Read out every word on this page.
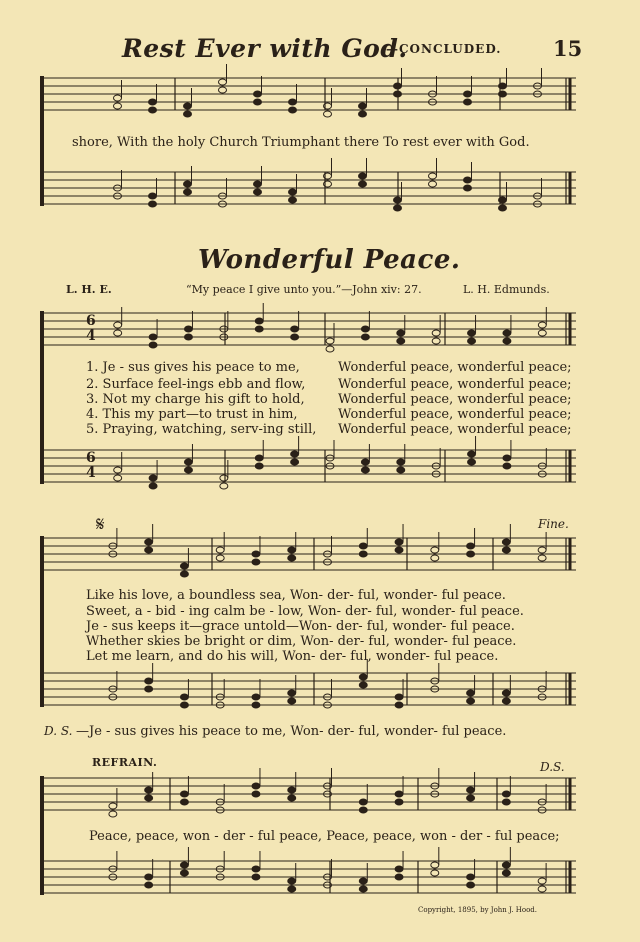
Rest Ever with God.
—CONCLUDED. 15
shore, With the holy Church Triumphant there To rest ever with God.
Wonderful Peace.
L. H. E.	“My peace I give unto you.”—John xiv: 27.	L. H. Edmunds.
1. Je - sus gives his peace to me,	Wonderful peace, wonderful peace;
2. Surface feel-ings ebb and flow,	Wonderful peace, wonderful peace;
3. Not my charge his gift to hold,	Wonderful peace, wonderful peace;
4. This my part—to trust in him,	Wonderful peace, wonderful peace;
5. Praying, watching, serv-ing still, Wonderful peace, wonderful peace;
𝄋	Fine.
Like his love, a boundless sea, Won- der- ful, wonder- ful peace.
Sweet, a - bid - ing calm be - low, Won- der- ful, wonder- ful peace.
Je - sus keeps it—grace untold—Won- der- ful, wonder- ful peace.
Whether skies be bright or dim, Won- der- ful, wonder- ful peace.
Let me learn, and do his will, Won- der- ful, wonder- ful peace.
D. S. —Je - sus gives his peace to me, Won- der- ful, wonder- ful peace.
REFRAIN.	D.S.
Peace, peace, won - der - ful peace, Peace, peace, won - der - ful peace;
Copyright, 1895, by John J. Hood.
6
4
6
4
